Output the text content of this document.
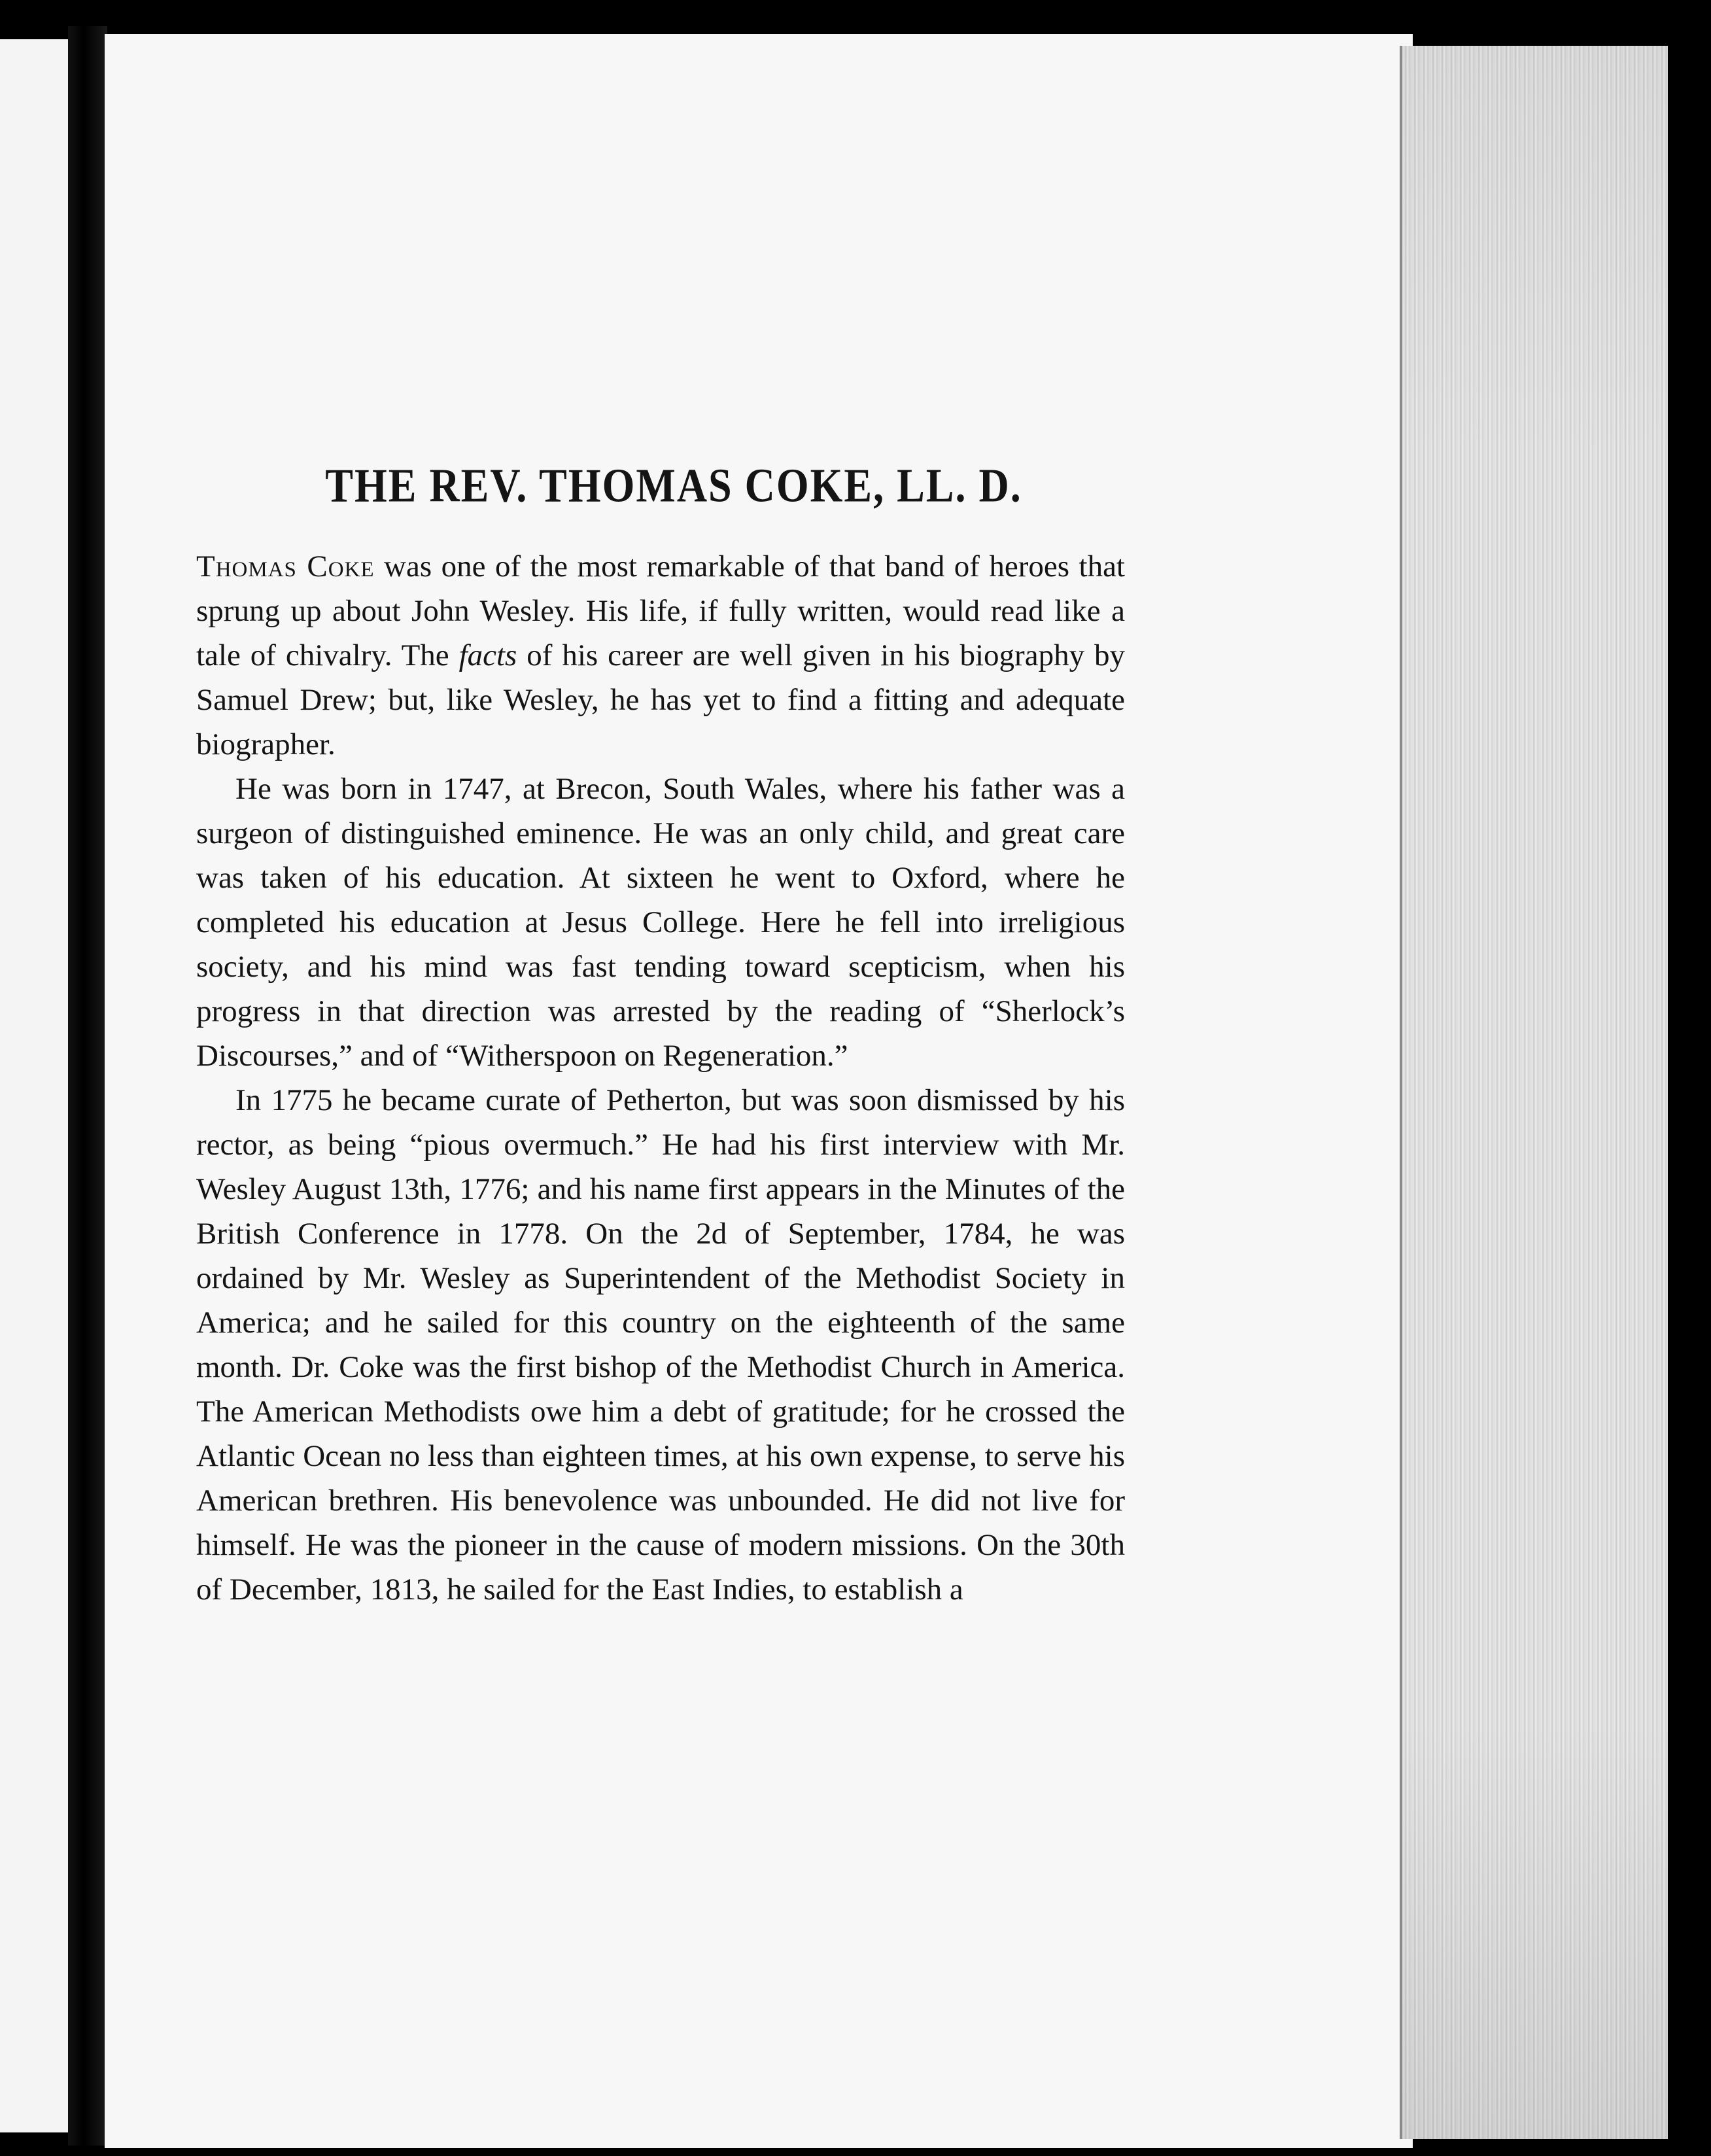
THE REV. THOMAS COKE, LL. D.

Thomas Coke was one of the most remarkable of that band of heroes that sprung up about John Wesley. His life, if fully written, would read like a tale of chivalry. The facts of his career are well given in his biography by Samuel Drew; but, like Wesley, he has yet to find a fitting and adequate biographer.

He was born in 1747, at Brecon, South Wales, where his father was a surgeon of distinguished eminence. He was an only child, and great care was taken of his education. At sixteen he went to Oxford, where he completed his education at Jesus College. Here he fell into irreligious society, and his mind was fast tending toward scepticism, when his progress in that direction was arrested by the reading of “Sherlock’s Discourses,” and of “Witherspoon on Regeneration.”

In 1775 he became curate of Petherton, but was soon dismissed by his rector, as being “pious overmuch.” He had his first interview with Mr. Wesley August 13th, 1776; and his name first appears in the Minutes of the British Conference in 1778. On the 2d of September, 1784, he was ordained by Mr. Wesley as Superintendent of the Methodist Society in America; and he sailed for this country on the eighteenth of the same month. Dr. Coke was the first bishop of the Methodist Church in America. The American Methodists owe him a debt of gratitude; for he crossed the Atlantic Ocean no less than eighteen times, at his own expense, to serve his American brethren. His benevolence was unbounded. He did not live for himself. He was the pioneer in the cause of modern missions. On the 30th of December, 1813, he sailed for the East Indies, to establish a
